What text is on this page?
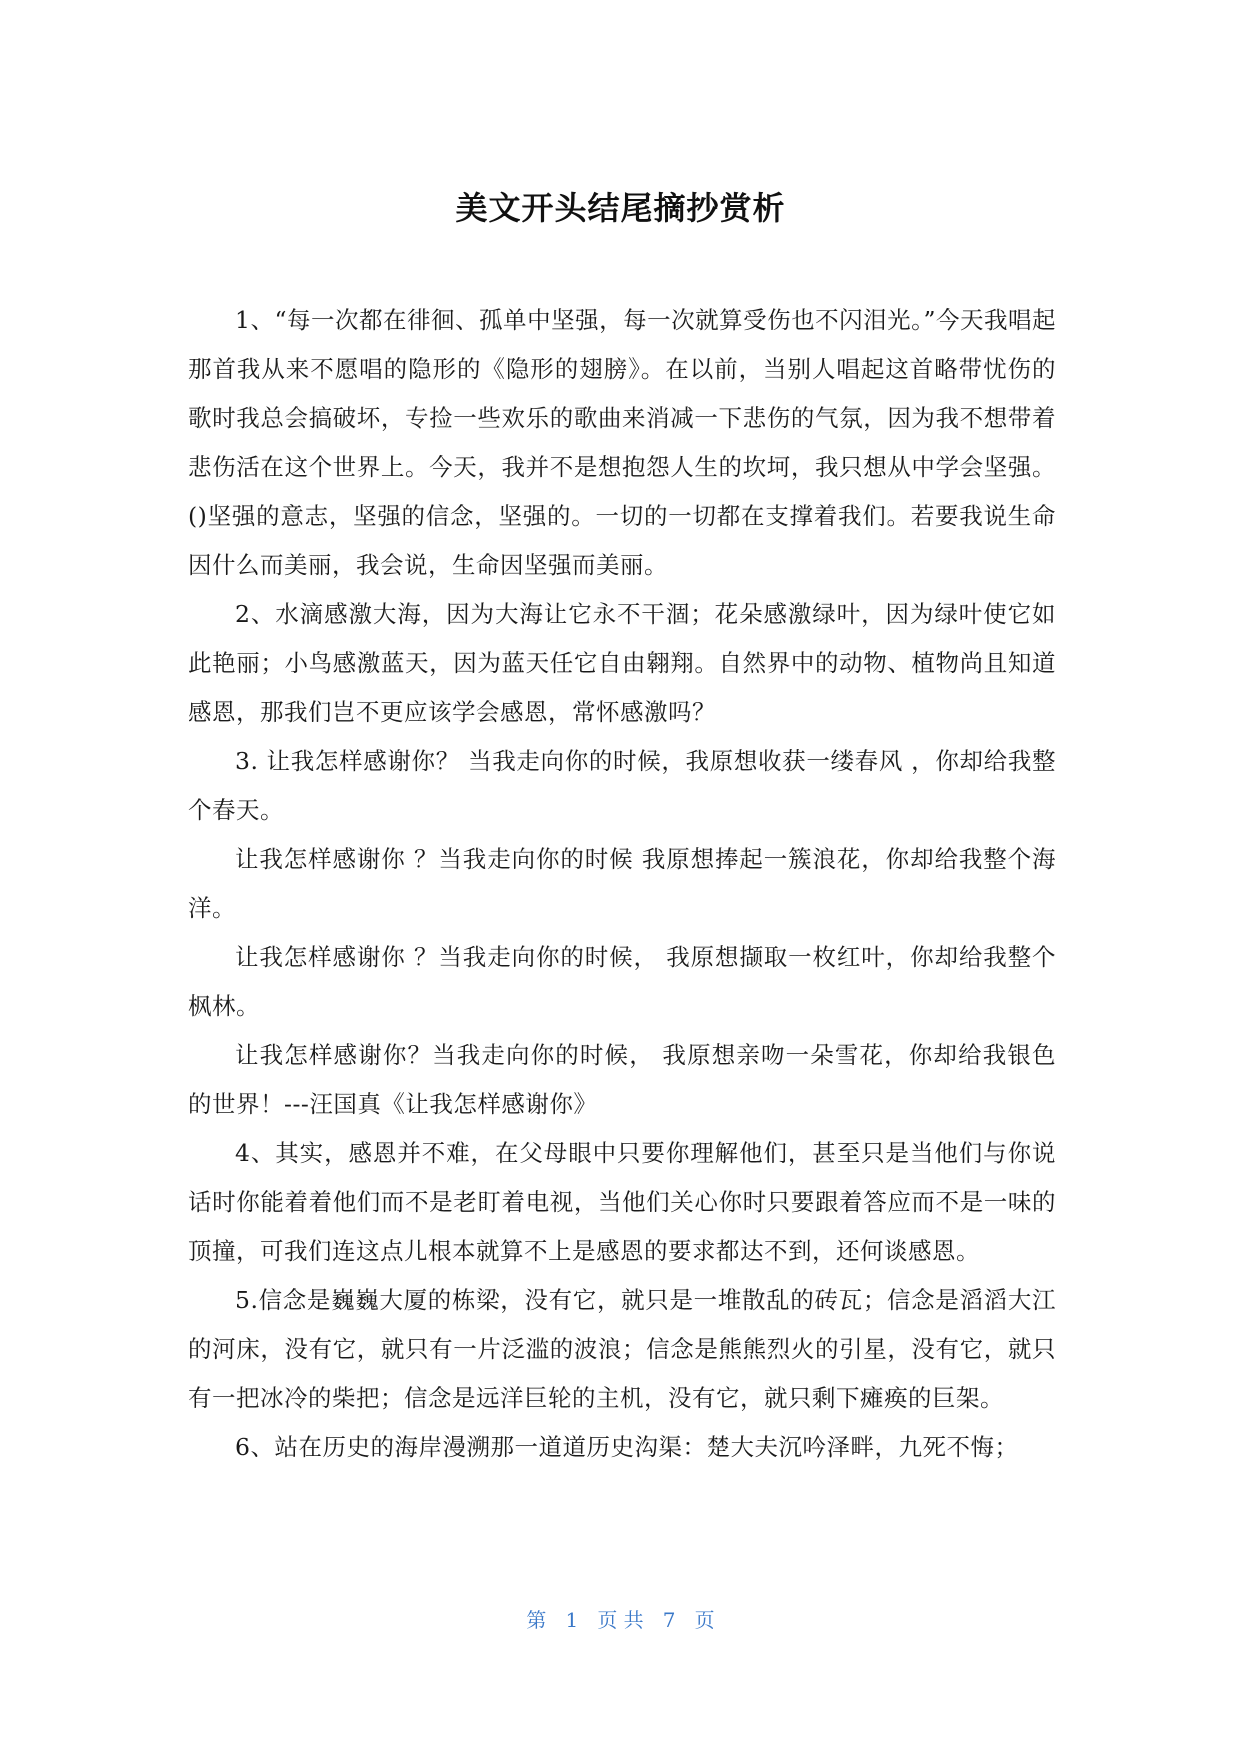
美文开头结尾摘抄赏析

1、“每一次都在徘徊、孤单中坚强，每一次就算受伤也不闪泪光。”今天我唱起那首我从来不愿唱的隐形的《隐形的翅膀》。在以前，当别人唱起这首略带忧伤的歌时我总会搞破坏，专捡一些欢乐的歌曲来消减一下悲伤的气氛，因为我不想带着悲伤活在这个世界上。今天，我并不是想抱怨人生的坎坷，我只想从中学会坚强。()坚强的意志，坚强的信念，坚强的。一切的一切都在支撑着我们。若要我说生命因什么而美丽，我会说，生命因坚强而美丽。

2、水滴感激大海，因为大海让它永不干涸；花朵感激绿叶，因为绿叶使它如此艳丽；小鸟感激蓝天，因为蓝天任它自由翱翔。自然界中的动物、植物尚且知道感恩，那我们岂不更应该学会感恩，常怀感激吗？

3. 让我怎样感谢你？ 当我走向你的时候，我原想收获一缕春风 ，你却给我整个春天。

让我怎样感谢你 ？当我走向你的时候 我原想捧起一簇浪花，你却给我整个海洋。

让我怎样感谢你 ？当我走向你的时候， 我原想撷取一枚红叶，你却给我整个枫林。

让我怎样感谢你？当我走向你的时候， 我原想亲吻一朵雪花，你却给我银色的世界！---汪国真《让我怎样感谢你》

4、其实，感恩并不难，在父母眼中只要你理解他们，甚至只是当他们与你说话时你能着着他们而不是老盯着电视，当他们关心你时只要跟着答应而不是一味的顶撞，可我们连这点儿根本就算不上是感恩的要求都达不到，还何谈感恩。

5.信念是巍巍大厦的栋梁，没有它，就只是一堆散乱的砖瓦；信念是滔滔大江的河床，没有它，就只有一片泛滥的波浪；信念是熊熊烈火的引星，没有它，就只有一把冰冷的柴把；信念是远洋巨轮的主机，没有它，就只剩下瘫痪的巨架。

6、站在历史的海岸漫溯那一道道历史沟渠：楚大夫沉吟泽畔，九死不悔；

第 1 页 共 7 页
